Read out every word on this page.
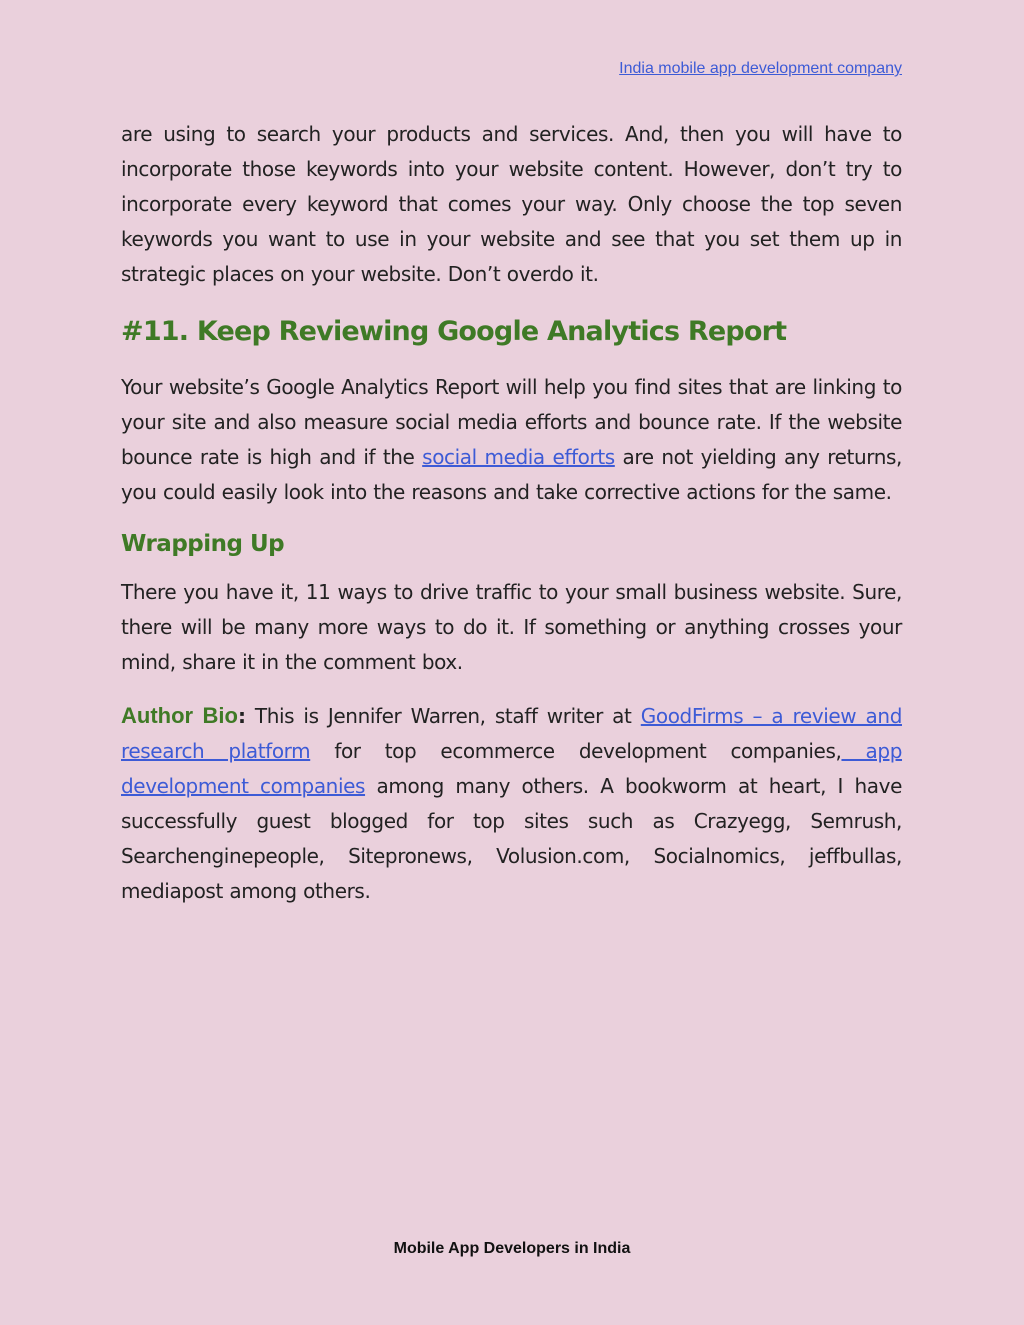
India mobile app development company

are using to search your products and services. And, then you will have to incorporate those keywords into your website content. However, don’t try to incorporate every keyword that comes your way. Only choose the top seven keywords you want to use in your website and see that you set them up in strategic places on your website. Don’t overdo it.

#11. Keep Reviewing Google Analytics Report

Your website’s Google Analytics Report will help you find sites that are linking to your site and also measure social media efforts and bounce rate. If the website bounce rate is high and if the social media efforts are not yielding any returns, you could easily look into the reasons and take corrective actions for the same.

Wrapping Up

There you have it, 11 ways to drive traffic to your small business website. Sure, there will be many more ways to do it. If something or anything crosses your mind, share it in the comment box.

Author Bio: This is Jennifer Warren, staff writer at GoodFirms – a review and research platform for top ecommerce development companies, app development companies among many others. A bookworm at heart, I have successfully guest blogged for top sites such as Crazyegg, Semrush, Searchenginepeople, Sitepronews, Volusion.com, Socialnomics, jeffbullas, mediapost among others.

Mobile App Developers in India
